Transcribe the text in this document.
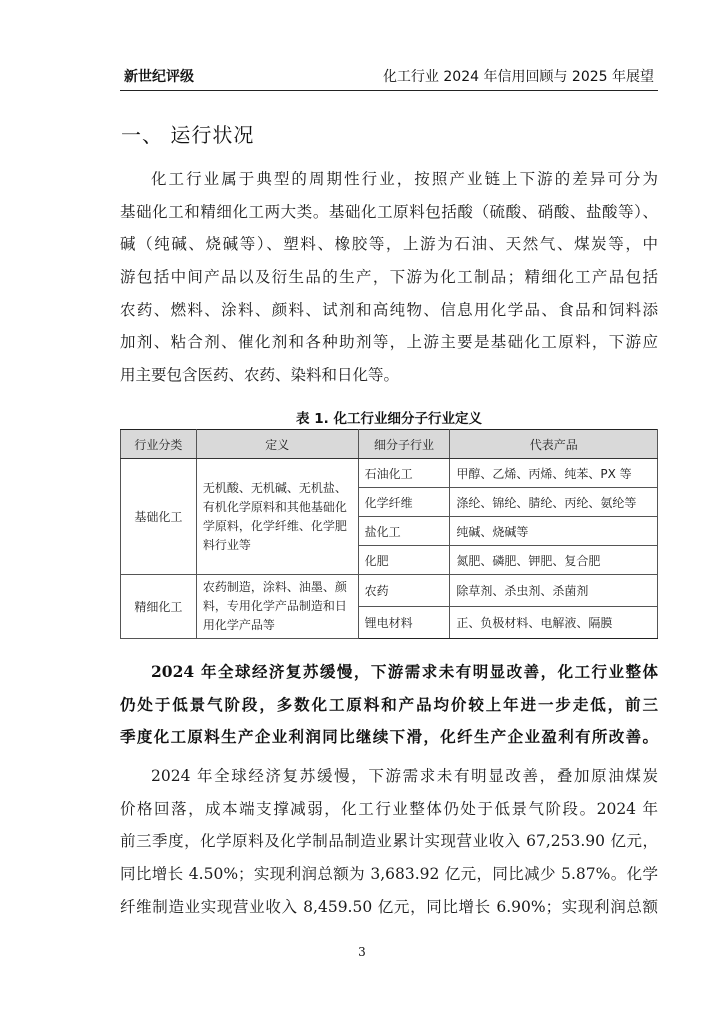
新世纪评级	化工行业 2024 年信用回顾与 2025 年展望
一、 运行状况
化工行业属于典型的周期性行业，按照产业链上下游的差异可分为
基础化工和精细化工两大类。基础化工原料包括酸（硫酸、硝酸、盐酸等）、
碱（纯碱、烧碱等）、塑料、橡胶等，上游为石油、天然气、煤炭等，中
游包括中间产品以及衍生品的生产，下游为化工制品；精细化工产品包括
农药、燃料、涂料、颜料、试剂和高纯物、信息用化学品、食品和饲料添
加剂、粘合剂、催化剂和各种助剂等，上游主要是基础化工原料，下游应
用主要包含医药、农药、染料和日化等。
表 1. 化工行业细分子行业定义
行业分类	定义	细分子行业	代表产品
基础化工	无机酸、无机碱、无机盐、有机化学原料和其他基础化学原料，化学纤维、化学肥料行业等	石油化工	甲醇、乙烯、丙烯、纯苯、PX 等
		化学纤维	涤纶、锦纶、腈纶、丙纶、氨纶等
		盐化工	纯碱、烧碱等
		化肥	氮肥、磷肥、钾肥、复合肥
精细化工	农药制造，涂料、油墨、颜料，专用化学产品制造和日用化学产品等	农药	除草剂、杀虫剂、杀菌剂
		锂电材料	正、负极材料、电解液、隔膜
2024 年全球经济复苏缓慢，下游需求未有明显改善，化工行业整体
仍处于低景气阶段，多数化工原料和产品均价较上年进一步走低，前三
季度化工原料生产企业利润同比继续下滑，化纤生产企业盈利有所改善。
2024 年全球经济复苏缓慢，下游需求未有明显改善，叠加原油煤炭
价格回落，成本端支撑减弱，化工行业整体仍处于低景气阶段。2024 年
前三季度，化学原料及化学制品制造业累计实现营业收入 67,253.90 亿元，
同比增长 4.50%；实现利润总额为 3,683.92 亿元，同比减少 5.87%。化学
纤维制造业实现营业收入 8,459.50 亿元，同比增长 6.90%；实现利润总额
3
